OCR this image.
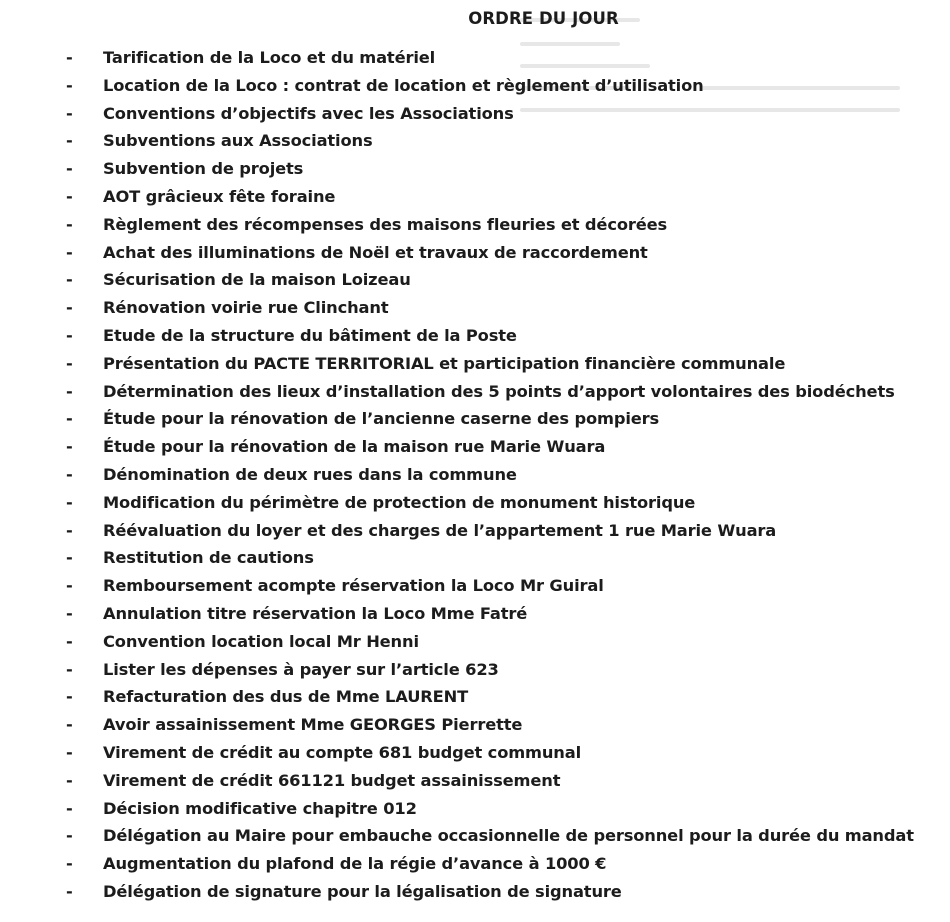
ORDRE DU JOUR
- Tarification de la Loco et du matériel
- Location de la Loco : contrat de location et règlement d’utilisation
- Conventions d’objectifs avec les Associations
- Subventions aux Associations
- Subvention de projets
- AOT grâcieux fête foraine
- Règlement des récompenses des maisons fleuries et décorées
- Achat des illuminations de Noël et travaux de raccordement
- Sécurisation de la maison Loizeau
- Rénovation voirie rue Clinchant
- Etude de la structure du bâtiment de la Poste
- Présentation du PACTE TERRITORIAL et participation financière communale
- Détermination des lieux d’installation des 5 points d’apport volontaires des biodéchets
- Étude pour la rénovation de l’ancienne caserne des pompiers
- Étude pour la rénovation de la maison rue Marie Wuara
- Dénomination de deux rues dans la commune
- Modification du périmètre de protection de monument historique
- Réévaluation du loyer et des charges de l’appartement 1 rue Marie Wuara
- Restitution de cautions
- Remboursement acompte réservation la Loco Mr Guiral
- Annulation titre réservation la Loco Mme Fatré
- Convention location local Mr Henni
- Lister les dépenses à payer sur l’article 623
- Refacturation des dus de Mme LAURENT
- Avoir assainissement Mme GEORGES Pierrette
- Virement de crédit au compte 681 budget communal
- Virement de crédit 661121 budget assainissement
- Décision modificative chapitre 012
- Délégation au Maire pour embauche occasionnelle de personnel pour la durée du mandat
- Augmentation du plafond de la régie d’avance à 1000 €
- Délégation de signature pour la légalisation de signature
